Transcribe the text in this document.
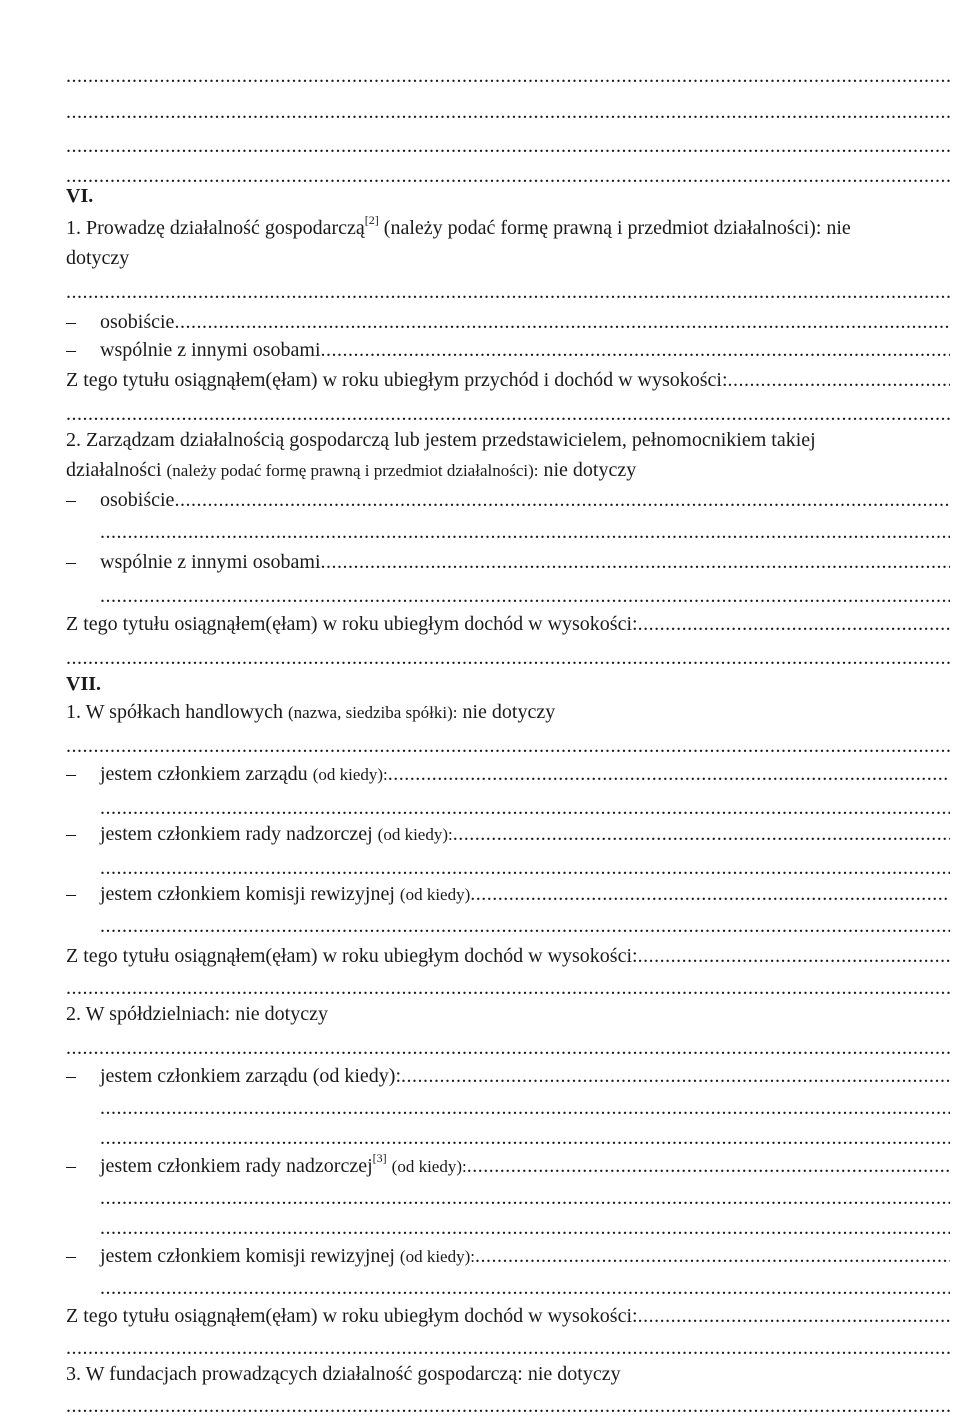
.....
.....
.....
.....
VI.
1. Prowadzę działalność gospodarczą[2] (należy podać formę prawną i przedmiot działalności): nie
dotyczy
.....
– osobiście
.....
– wspólnie z innymi osobami
.....
Z tego tytułu osiągnąłem(ęłam) w roku ubiegłym przychód i dochód w wysokości:
.....
.....
2. Zarządzam działalnością gospodarczą lub jestem przedstawicielem, pełnomocnikiem takiej
działalności (należy podać formę prawną i przedmiot działalności): nie dotyczy
– osobiście
.....
.....
– wspólnie z innymi osobami
.....
.....
Z tego tytułu osiągnąłem(ęłam) w roku ubiegłym dochód w wysokości:
.....
.....
VII.
1. W spółkach handlowych (nazwa, siedziba spółki): nie dotyczy
.....
– jestem członkiem zarządu (od kiedy):
.....
.....
– jestem członkiem rady nadzorczej (od kiedy):
.....
.....
– jestem członkiem komisji rewizyjnej (od kiedy)
.....
.....
Z tego tytułu osiągnąłem(ęłam) w roku ubiegłym dochód w wysokości:
.....
.....
2. W spółdzielniach: nie dotyczy
.....
– jestem członkiem zarządu (od kiedy):
.....
.....
.....
– jestem członkiem rady nadzorczej[3] (od kiedy):
.....
.....
.....
– jestem członkiem komisji rewizyjnej (od kiedy):
.....
.....
Z tego tytułu osiągnąłem(ęłam) w roku ubiegłym dochód w wysokości:
.....
.....
3. W fundacjach prowadzących działalność gospodarczą: nie dotyczy
.....
